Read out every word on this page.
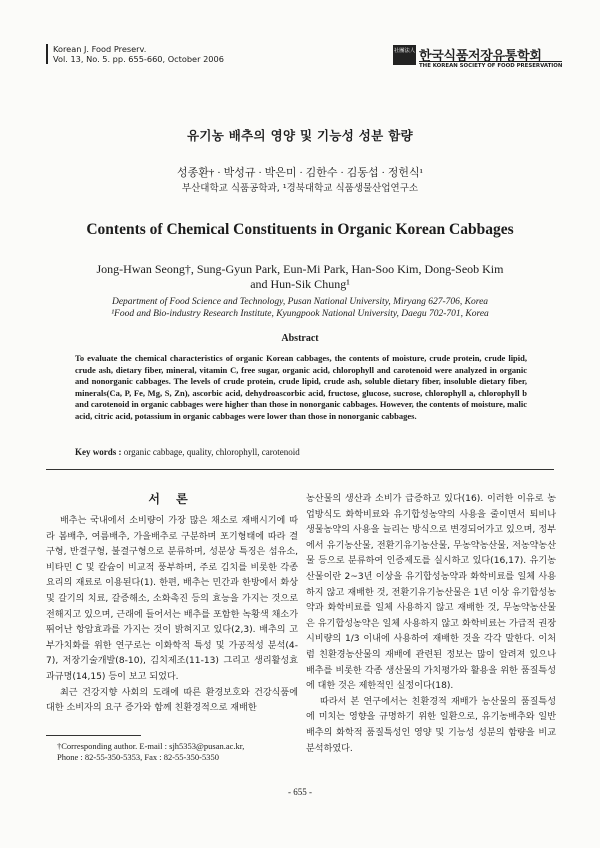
Korean J. Food Preserv.
Vol. 13, No. 5. pp. 655-660, October 2006
社團法人 한국식품저장유통학회
THE KOREAN SOCIETY OF FOOD PRESERVATION
유기농 배추의 영양 및 기능성 성분 함량
성종환† · 박성규 · 박은미 · 김한수 · 김동섭 · 정헌식¹
부산대학교 식품공학과, ¹경북대학교 식품생물산업연구소
Contents of Chemical Constituents in Organic Korean Cabbages
Jong-Hwan Seong†, Sung-Gyun Park, Eun-Mi Park, Han-Soo Kim, Dong-Seob Kim
and Hun-Sik Chung¹
Department of Food Science and Technology, Pusan National University, Miryang 627-706, Korea
¹Food and Bio-industry Research Institute, Kyungpook National University, Daegu 702-701, Korea
Abstract
To evaluate the chemical characteristics of organic Korean cabbages, the contents of moisture, crude protein, crude lipid, crude ash, dietary fiber, mineral, vitamin C, free sugar, organic acid, chlorophyll and carotenoid were analyzed in organic and nonorganic cabbages. The levels of crude protein, crude lipid, crude ash, soluble dietary fiber, insoluble dietary fiber, minerals(Ca, P, Fe, Mg, S, Zn), ascorbic acid, dehydroascorbic acid, fructose, glucose, sucrose, chlorophyll a, chlorophyll b and carotenoid in organic cabbages were higher than those in nonorganic cabbages. However, the contents of moisture, malic acid, citric acid, potassium in organic cabbages were lower than those in nonorganic cabbages.
Key words : organic cabbage, quality, chlorophyll, carotenoid
서 론

배추는 국내에서 소비량이 가장 많은 채소로 재배시기에 따라 봄배추, 여름배추, 가을배추로 구분하며 포기형태에 따라 결구형, 반결구형, 불결구형으로 분류하며, 성분상 특징은 섬유소, 비타민 C 및 칼슘이 비교적 풍부하며, 주로 김치를 비롯한 각종 요리의 재료로 이용된다(1). 한편, 배추는 민간과 한방에서 화상 및 갈기의 치료, 갈증해소, 소화촉진 등의 효능을 가지는 것으로 전해지고 있으며, 근래에 들어서는 배추를 포함한 녹황색 채소가 뛰어난 항암효과를 가지는 것이 밝혀지고 있다(2,3). 배추의 고부가치화를 위한 연구로는 이화학적 특성 및 가공적성 분석(4-7), 저장기술개발(8-10), 김치제조(11-13) 그리고 생리활성효과규명(14,15) 등이 보고 되었다.

최근 건강지향 사회의 도래에 따른 환경보호와 건강식품에 대한 소비자의 요구 증가와 함께 친환경적으로 재배한

농산물의 생산과 소비가 급증하고 있다(16). 이러한 이유로 농업방식도 화학비료와 유기합성농약의 사용을 줄이면서 퇴비나 생물농약의 사용을 늘리는 방식으로 변경되어가고 있으며, 정부에서 유기농산물, 전환기유기농산물, 무농약농산물, 저농약농산물 등으로 분류하여 인증제도를 실시하고 있다(16,17). 유기농산물이란 2~3년 이상을 유기합성농약과 화학비료를 일체 사용하지 않고 재배한 것, 전환기유기농산물은 1년 이상 유기합성농약과 화학비료를 일체 사용하지 않고 재배한 것, 무농약농산물은 유기합성농약은 일체 사용하지 않고 화학비료는 가급적 권장 시비량의 1/3 이내에 사용하여 재배한 것을 각각 말한다. 이처럼 친환경농산물의 재배에 관련된 정보는 많이 알려져 있으나 배추를 비롯한 각종 생산물의 가치평가와 활용을 위한 품질특성에 대한 것은 제한적인 실정이다(18).

따라서 본 연구에서는 친환경적 재배가 농산물의 품질특성에 미치는 영향을 규명하기 위한 일환으로, 유기농배추와 일반배추의 화학적 품질특성인 영양 및 기능성 성분의 함량을 비교분석하였다.

†Corresponding author. E-mail : sjh5353@pusan.ac.kr,
Phone : 82-55-350-5353, Fax : 82-55-350-5350
- 655 -
